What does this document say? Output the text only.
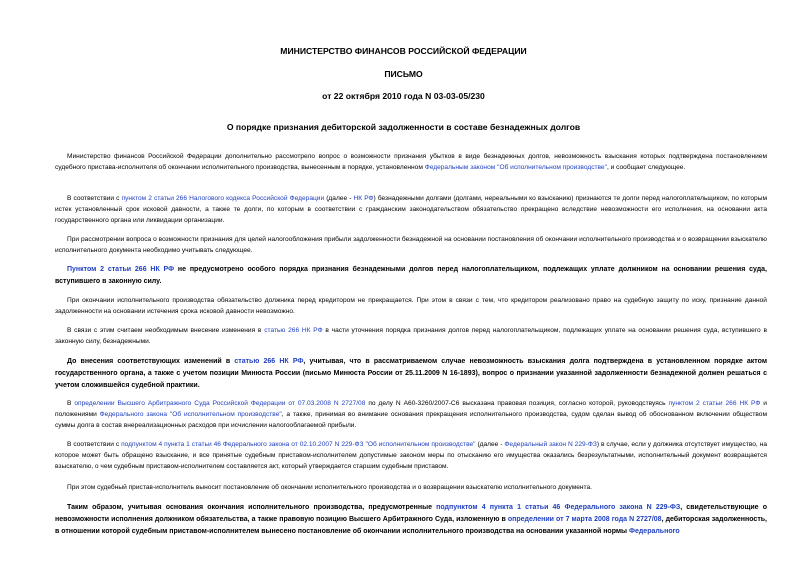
МИНИСТЕРСТВО ФИНАНСОВ РОССИЙСКОЙ ФЕДЕРАЦИИ
ПИСЬМО
от 22 октября 2010 года N 03-03-05/230
О порядке признания дебиторской задолженности в составе безнадежных долгов
Министерство финансов Российской Федерации дополнительно рассмотрело вопрос о возможности признания убытков в виде безнадежных долгов, невозможность взыскания которых подтверждена постановлением судебного пристава-исполнителя об окончании исполнительного производства, вынесенным в порядке, установленном Федеральным законом "Об исполнительном производстве", и сообщает следующее.
В соответствии с пунктом 2 статьи 266 Налогового кодекса Российской Федерации (далее - НК РФ) безнадежными долгами (долгами, нереальными ко взысканию) признаются те долги перед налогоплательщиком, по которым истек установленный срок исковой давности, а также те долги, по которым в соответствии с гражданским законодательством обязательство прекращено вследствие невозможности его исполнения, на основании акта государственного органа или ликвидации организации.
При рассмотрении вопроса о возможности признания для целей налогообложения прибыли задолженности безнадежной на основании постановления об окончании исполнительного производства и о возвращении взыскателю исполнительного документа необходимо учитывать следующее.
Пунктом 2 статьи 266 НК РФ не предусмотрено особого порядка признания безнадежными долгов перед налогоплательщиком, подлежащих уплате должником на основании решения суда, вступившего в законную силу.
При окончании исполнительного производства обязательство должника перед кредитором не прекращается. При этом в связи с тем, что кредитором реализовано право на судебную защиту по иску, признание данной задолженности на основании истечения срока исковой давности невозможно.
В связи с этим считаем необходимым внесение изменения в статью 266 НК РФ в части уточнения порядка признания долгов перед налогоплательщиком, подлежащих уплате на основании решения суда, вступившего в законную силу, безнадежными.
До внесения соответствующих изменений в статью 266 НК РФ, учитывая, что в рассматриваемом случае невозможность взыскания долга подтверждена в установленном порядке актом государственного органа, а также с учетом позиции Минюста России (письмо Минюста России от 25.11.2009 N 16-1893), вопрос о признании указанной задолженности безнадежной должен решаться с учетом сложившейся судебной практики.
В определении Высшего Арбитражного Суда Российской Федерации от 07.03.2008 N 2727/08 по делу N А60-3260/2007-С6 высказана правовая позиция, согласно которой, руководствуясь пунктом 2 статьи 266 НК РФ и положениями Федерального закона "Об исполнительном производстве", а также, принимая во внимание основания прекращения исполнительного производства, судом сделан вывод об обоснованном включении обществом суммы долга в состав внереализационных расходов при исчислении налогооблагаемой прибыли.
В соответствии с подпунктом 4 пункта 1 статьи 46 Федерального закона от 02.10.2007 N 229-ФЗ "Об исполнительном производстве" (далее - Федеральный закон N 229-ФЗ) в случае, если у должника отсутствует имущество, на которое может быть обращено взыскание, и все принятые судебным приставом-исполнителем допустимые законом меры по отысканию его имущества оказались безрезультатными, исполнительный документ возвращается взыскателю, о чем судебным приставом-исполнителем составляется акт, который утверждается старшим судебным приставом.
При этом судебный пристав-исполнитель выносит постановление об окончании исполнительного производства и о возвращении взыскателю исполнительного документа.
Таким образом, учитывая основания окончания исполнительного производства, предусмотренные подпунктом 4 пункта 1 статьи 46 Федерального закона N 229-ФЗ, свидетельствующие о невозможности исполнения должником обязательства, а также правовую позицию Высшего Арбитражного Суда, изложенную в определении от 7 марта 2008 года N 2727/08, дебиторская задолженность, в отношении которой судебным приставом-исполнителем вынесено постановление об окончании исполнительного производства на основании указанной нормы Федерального
